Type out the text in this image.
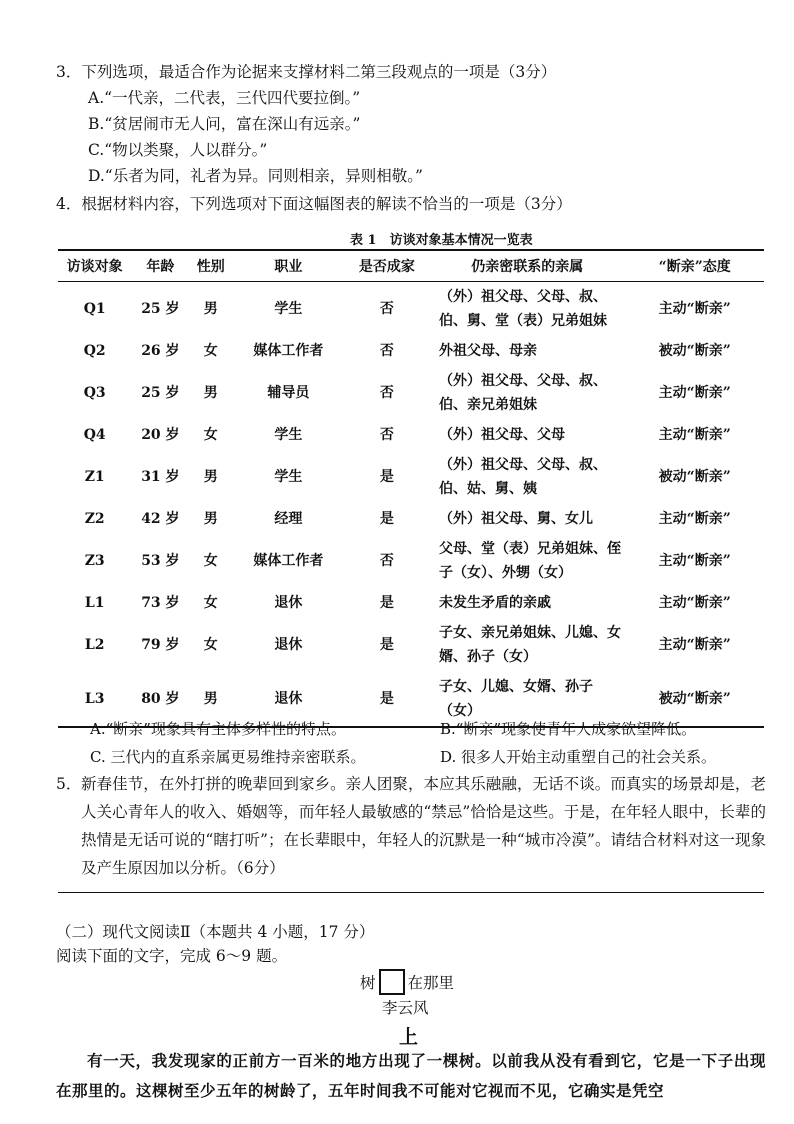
3．下列选项，最适合作为论据来支撑材料二第三段观点的一项是（3分）
A.“一代亲，二代表，三代四代要拉倒。”
B.“贫居闹市无人问，富在深山有远亲。”
C.“物以类聚，人以群分。”
D.“乐者为同，礼者为异。同则相亲，异则相敬。”
4．根据材料内容，下列选项对下面这幅图表的解读不恰当的一项是（3分）
表 1　访谈对象基本情况一览表
访谈对象	年龄	性别	职业	是否成家	仍亲密联系的亲属	“断亲”态度
Q1	25 岁	男	学生	否	（外）祖父母、父母、叔、伯、舅、堂（表）兄弟姐妹	主动“断亲”
Q2	26 岁	女	媒体工作者	否	外祖父母、母亲	被动“断亲”
Q3	25 岁	男	辅导员	否	（外）祖父母、父母、叔、伯、亲兄弟姐妹	主动“断亲”
Q4	20 岁	女	学生	否	（外）祖父母、父母	主动“断亲”
Z1	31 岁	男	学生	是	（外）祖父母、父母、叔、伯、姑、舅、姨	被动“断亲”
Z2	42 岁	男	经理	是	（外）祖父母、舅、女儿	主动“断亲”
Z3	53 岁	女	媒体工作者	否	父母、堂（表）兄弟姐妹、侄子（女）、外甥（女）	主动“断亲”
L1	73 岁	女	退休	是	未发生矛盾的亲戚	主动“断亲”
L2	79 岁	女	退休	是	子女、亲兄弟姐妹、儿媳、女婿、孙子（女）	主动“断亲”
L3	80 岁	男	退休	是	子女、儿媳、女婿、孙子（女）	被动“断亲”
A.“断亲”现象具有主体多样性的特点。	B.“断亲”现象使青年人成家欲望降低。
C. 三代内的直系亲属更易维持亲密联系。	D. 很多人开始主动重塑自己的社会关系。
5． 新春佳节，在外打拼的晚辈回到家乡。亲人团聚，本应其乐融融，无话不谈。而真实的场景却是，老人关心青年人的收入、婚姻等，而年轻人最敏感的“禁忌”恰恰是这些。于是，在年轻人眼中，长辈的热情是无话可说的“瞎打听”；在长辈眼中，年轻人的沉默是一种“城市冷漠”。请结合材料对这一现象及产生原因加以分析。（6分）
（二）现代文阅读Ⅱ（本题共 4 小题，17 分）
阅读下面的文字，完成 6～9 题。
树 在那里
李云风
上
有一天，我发现家的正前方一百米的地方出现了一棵树。以前我从没有看到它，它是一下子出现在那里的。这棵树至少五年的树龄了，五年时间我不可能对它视而不见，它确实是凭空
